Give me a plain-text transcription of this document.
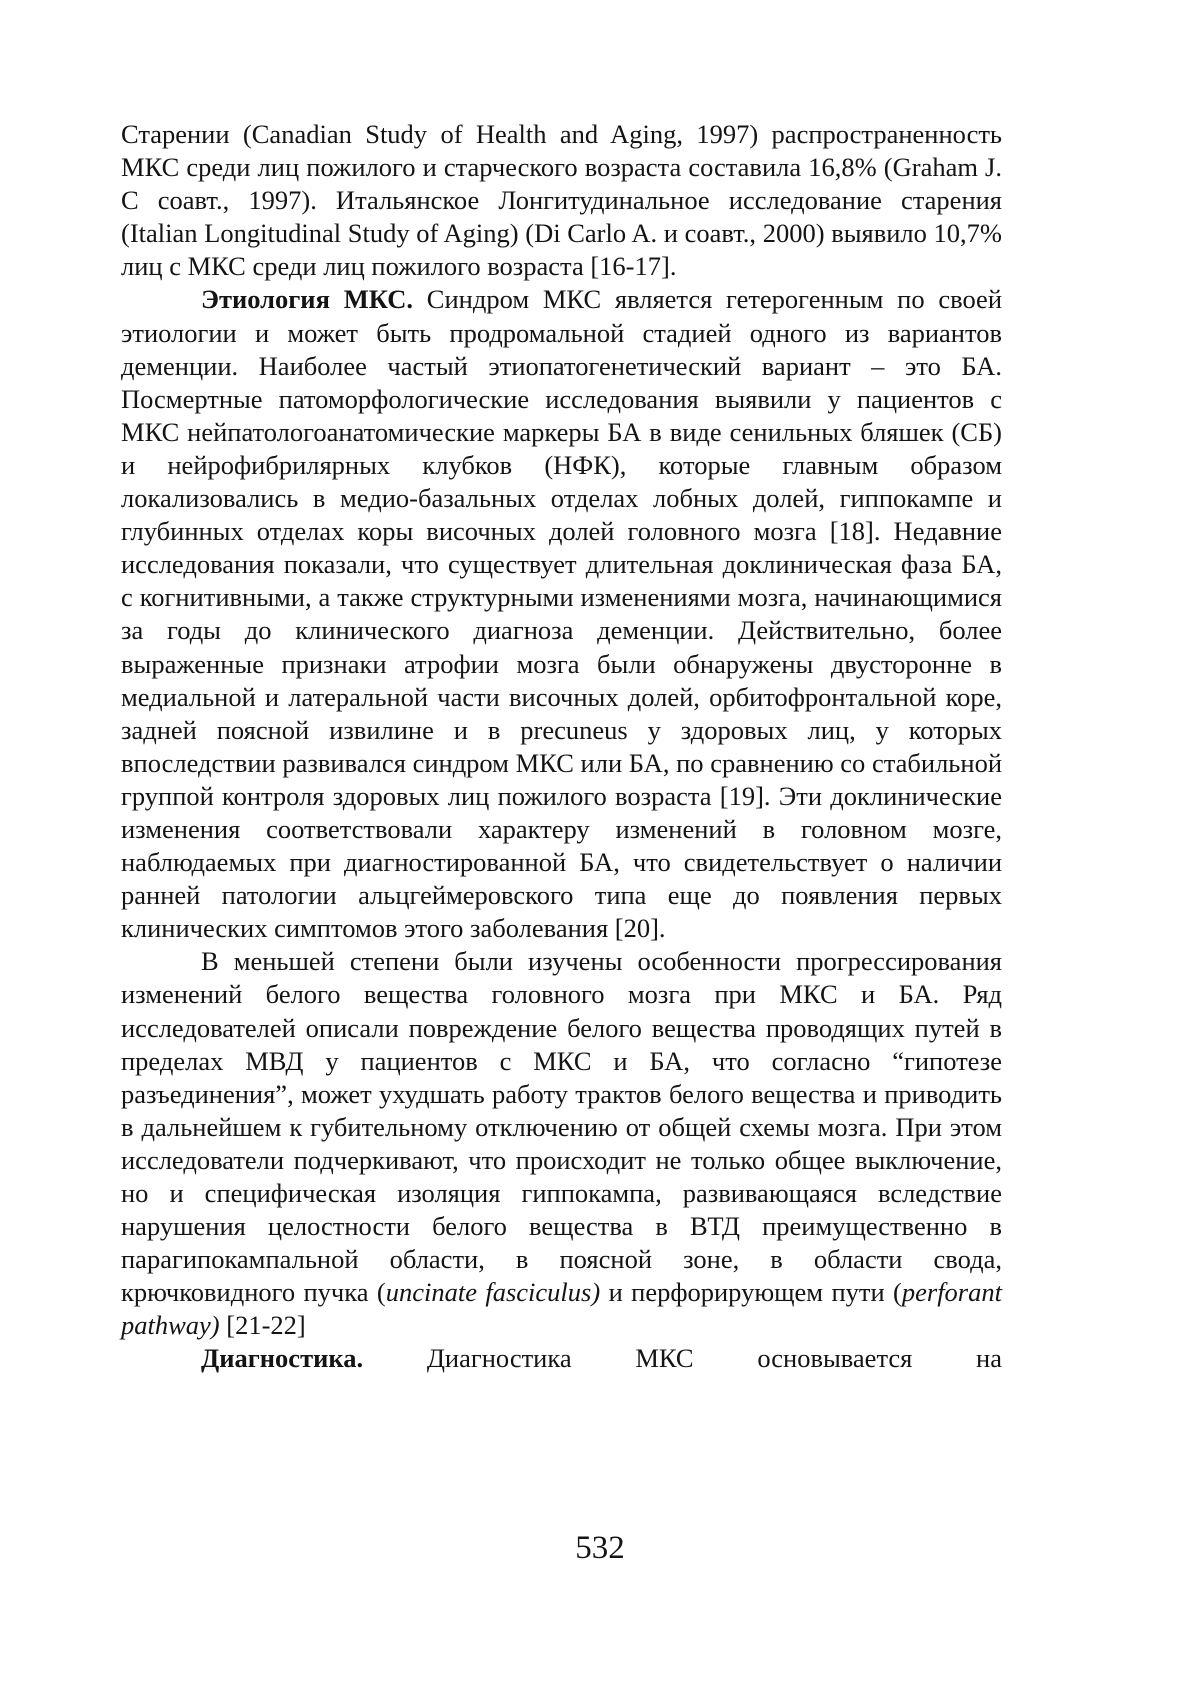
Старении (Canadian Study of Health and Aging, 1997) распространенность МКС среди лиц пожилого и старческого возраста составила 16,8% (Graham J. С соавт., 1997). Итальянское Лонгитудинальное исследование старения (Italian Longitudinal Study of Aging) (Di Carlo A. и соавт., 2000) выявило 10,7% лиц с МКС среди лиц пожилого возраста [16-17].

Этиология МКС. Синдром МКС является гетерогенным по своей этиологии и может быть продромальной стадией одного из вариантов деменции. Наиболее частый этиопатогенетический вариант – это БА. Посмертные патоморфологические исследования выявили у пациентов с МКС нейпатологоанатомические маркеры БА в виде сенильных бляшек (СБ) и нейрофибрилярных клубков (НФК), которые главным образом локализовались в медио-базальных отделах лобных долей, гиппокампе и глубинных отделах коры височных долей головного мозга [18]. Недавние исследования показали, что существует длительная доклиническая фаза БА, с когнитивными, а также структурными изменениями мозга, начинающимися за годы до клинического диагноза деменции. Действительно, более выраженные признаки атрофии мозга были обнаружены двусторонне в медиальной и латеральной части височных долей, орбитофронтальной коре, задней поясной извилине и в precuneus у здоровых лиц, у которых впоследствии развивался синдром МКС или БА, по сравнению со стабильной группой контроля здоровых лиц пожилого возраста [19]. Эти доклинические изменения соответствовали характеру изменений в головном мозге, наблюдаемых при диагностированной БА, что свидетельствует о наличии ранней патологии альцгеймеровского типа еще до появления первых клинических симптомов этого заболевания [20].

В меньшей степени были изучены особенности прогрессирования изменений белого вещества головного мозга при МКС и БА. Ряд исследователей описали повреждение белого вещества проводящих путей в пределах МВД у пациентов с МКС и БА, что согласно “гипотезе разъединения”, может ухудшать работу трактов белого вещества и приводить в дальнейшем к губительному отключению от общей схемы мозга. При этом исследователи подчеркивают, что происходит не только общее выключение, но и специфическая изоляция гиппокампа, развивающаяся вследствие нарушения целостности белого вещества в ВТД преимущественно в парагипокампальной области, в поясной зоне, в области свода, крючковидного пучка (uncinate fasciculus) и перфорирующем пути (perforant pathway) [21-22]

Диагностика. Диагностика МКС основывается на

532
